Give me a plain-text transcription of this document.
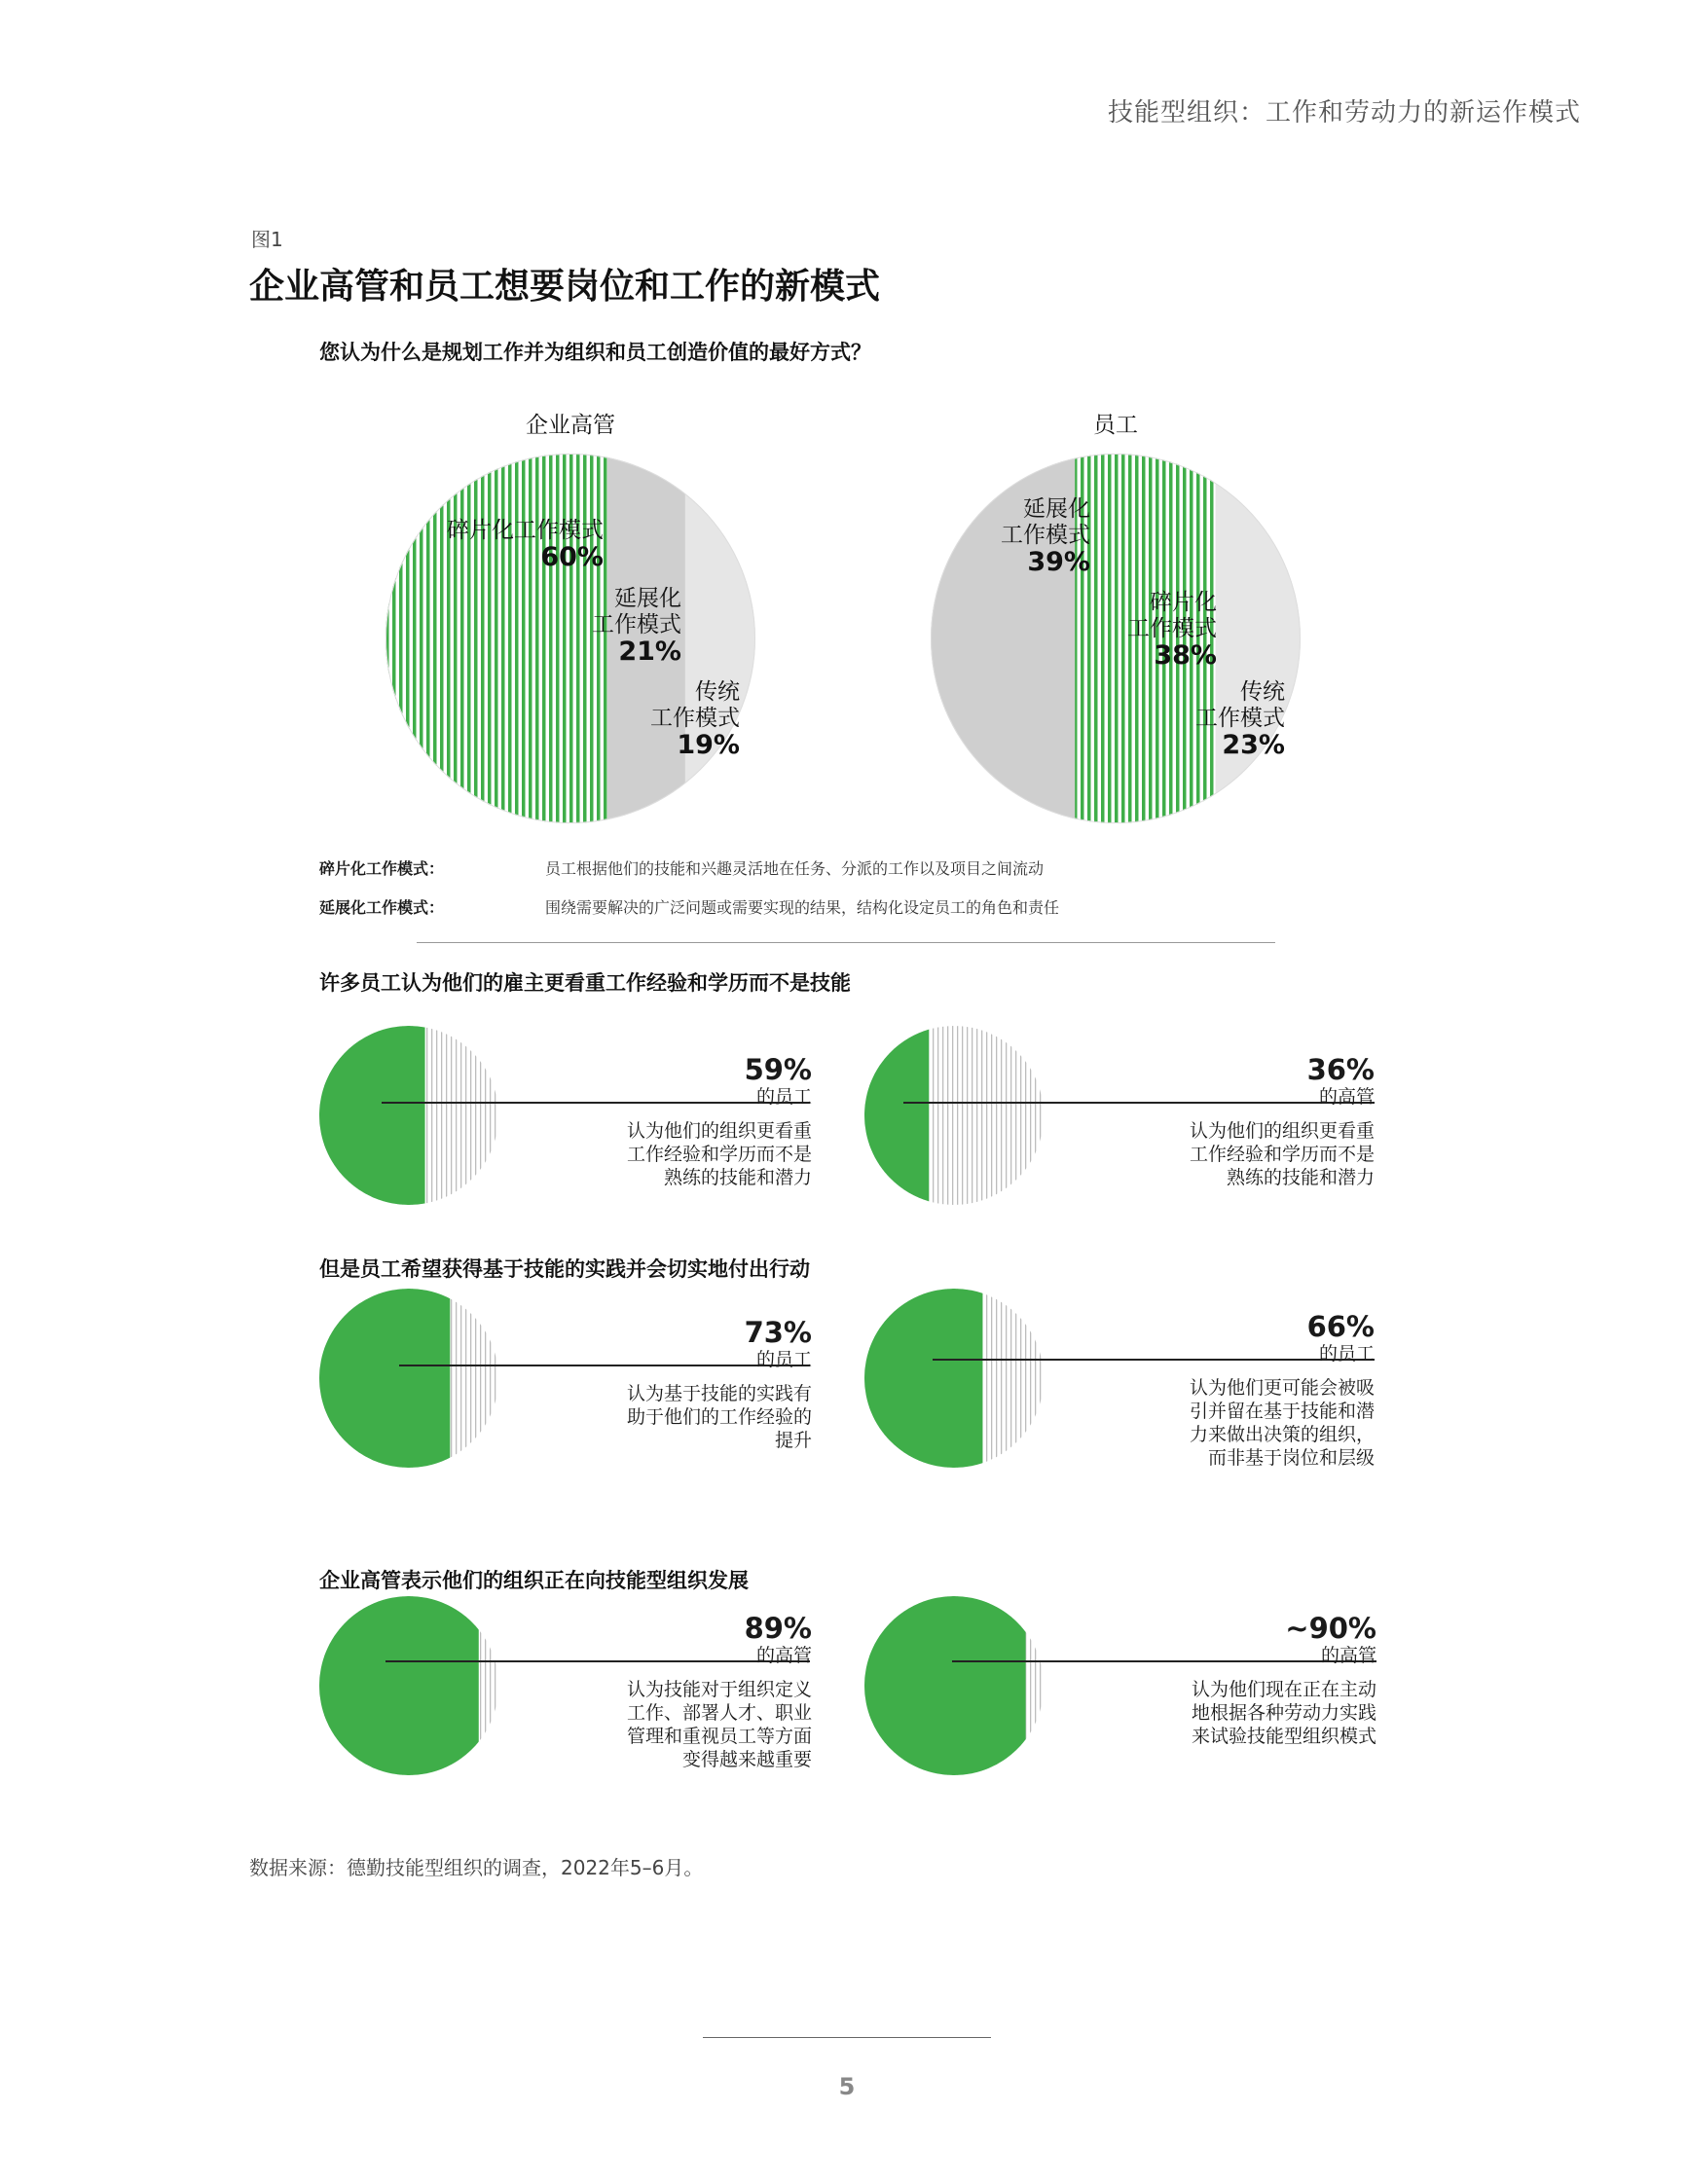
技能型组织：工作和劳动力的新运作模式
图1
企业高管和员工想要岗位和工作的新模式
您认为什么是规划工作并为组织和员工创造价值的最好方式？
企业高管
碎片化工作模式
60%
延展化
工作模式
21%
传统
工作模式
19%
员工
延展化
工作模式
39%
碎片化
工作模式
38%
传统
工作模式
23%
碎片化工作模式：	员工根据他们的技能和兴趣灵活地在任务、分派的工作以及项目之间流动
延展化工作模式：	围绕需要解决的广泛问题或需要实现的结果，结构化设定员工的角色和责任
许多员工认为他们的雇主更看重工作经验和学历而不是技能
但是员工希望获得基于技能的实践并会切实地付出行动
企业高管表示他们的组织正在向技能型组织发展
59%
的员工
认为他们的组织更看重
工作经验和学历而不是
熟练的技能和潜力
36%
的高管
认为他们的组织更看重
工作经验和学历而不是
熟练的技能和潜力
73%
的员工
认为基于技能的实践有
助于他们的工作经验的
提升
66%
的员工
认为他们更可能会被吸
引并留在基于技能和潜
力来做出决策的组织，
而非基于岗位和层级
89%
的高管
认为技能对于组织定义
工作、部署人才、职业
管理和重视员工等方面
变得越来越重要
~90%
的高管
认为他们现在正在主动
地根据各种劳动力实践
来试验技能型组织模式
数据来源：德勤技能型组织的调查，2022年5–6月。
5
